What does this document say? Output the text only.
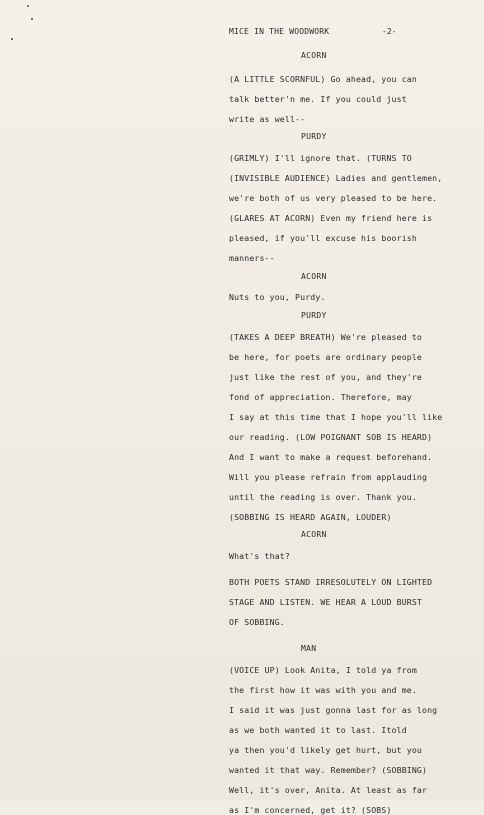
MICE IN THE WOODWORK	-2-
ACORN
(A LITTLE SCORNFUL) Go ahead, you can
talk better'n me. If you could just
write as well--
PURDY
(GRIMLY) I'll ignore that. (TURNS TO
(INVISIBLE AUDIENCE) Ladies and gentlemen,
we're both of us very pleased to be here.
(GLARES AT ACORN) Even my friend here is
pleased, if you'll excuse his boorish
manners--
ACORN
Nuts to you, Purdy.
PURDY
(TAKES A DEEP BREATH) We're pleased to
be here, for poets are ordinary people
just like the rest of you, and they're
fond of appreciation. Therefore, may
I say at this time that I hope you'll like
our reading. (LOW POIGNANT SOB IS HEARD)
And I want to make a request beforehand.
Will you please refrain from applauding
until the reading is over. Thank you.
(SOBBING IS HEARD AGAIN, LOUDER)
ACORN
What's that?
BOTH POETS STAND IRRESOLUTELY ON LIGHTED
STAGE AND LISTEN. WE HEAR A LOUD BURST
OF SOBBING.
MAN
(VOICE UP) Look Anita, I told ya from
the first how it was with you and me.
I said it was just gonna last for as long
as we both wanted it to last. Itold
ya then you'd likely get hurt, but you
wanted it that way. Remember? (SOBBING)
Well, it's over, Anita. At least as far
as I'm concerned, get it? (SOBS)
